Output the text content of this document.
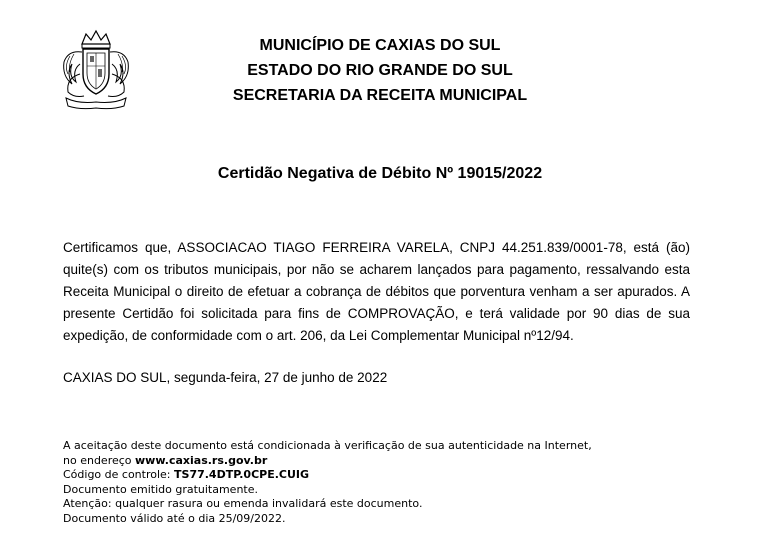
MUNICÍPIO DE CAXIAS DO SUL
ESTADO DO RIO GRANDE DO SUL
SECRETARIA DA RECEITA MUNICIPAL
Certidão Negativa de Débito Nº 19015/2022

Certificamos que, ASSOCIACAO TIAGO FERREIRA VARELA, CNPJ 44.251.839/0001-78, está (ão) quite(s) com os tributos municipais, por não se acharem lançados para pagamento, ressalvando esta Receita Municipal o direito de efetuar a cobrança de débitos que porventura venham a ser apurados. A presente Certidão foi solicitada para fins de COMPROVAÇÃO, e terá validade por 90 dias de sua expedição, de conformidade com o art. 206, da Lei Complementar Municipal nº12/94.

CAXIAS DO SUL, segunda-feira, 27 de junho de 2022
A aceitação deste documento está condicionada à verificação de sua autenticidade na Internet,
no endereço www.caxias.rs.gov.br
Código de controle: TS77.4DTP.0CPE.CUIG
Documento emitido gratuitamente.
Atenção: qualquer rasura ou emenda invalidará este documento.
Documento válido até o dia 25/09/2022.
